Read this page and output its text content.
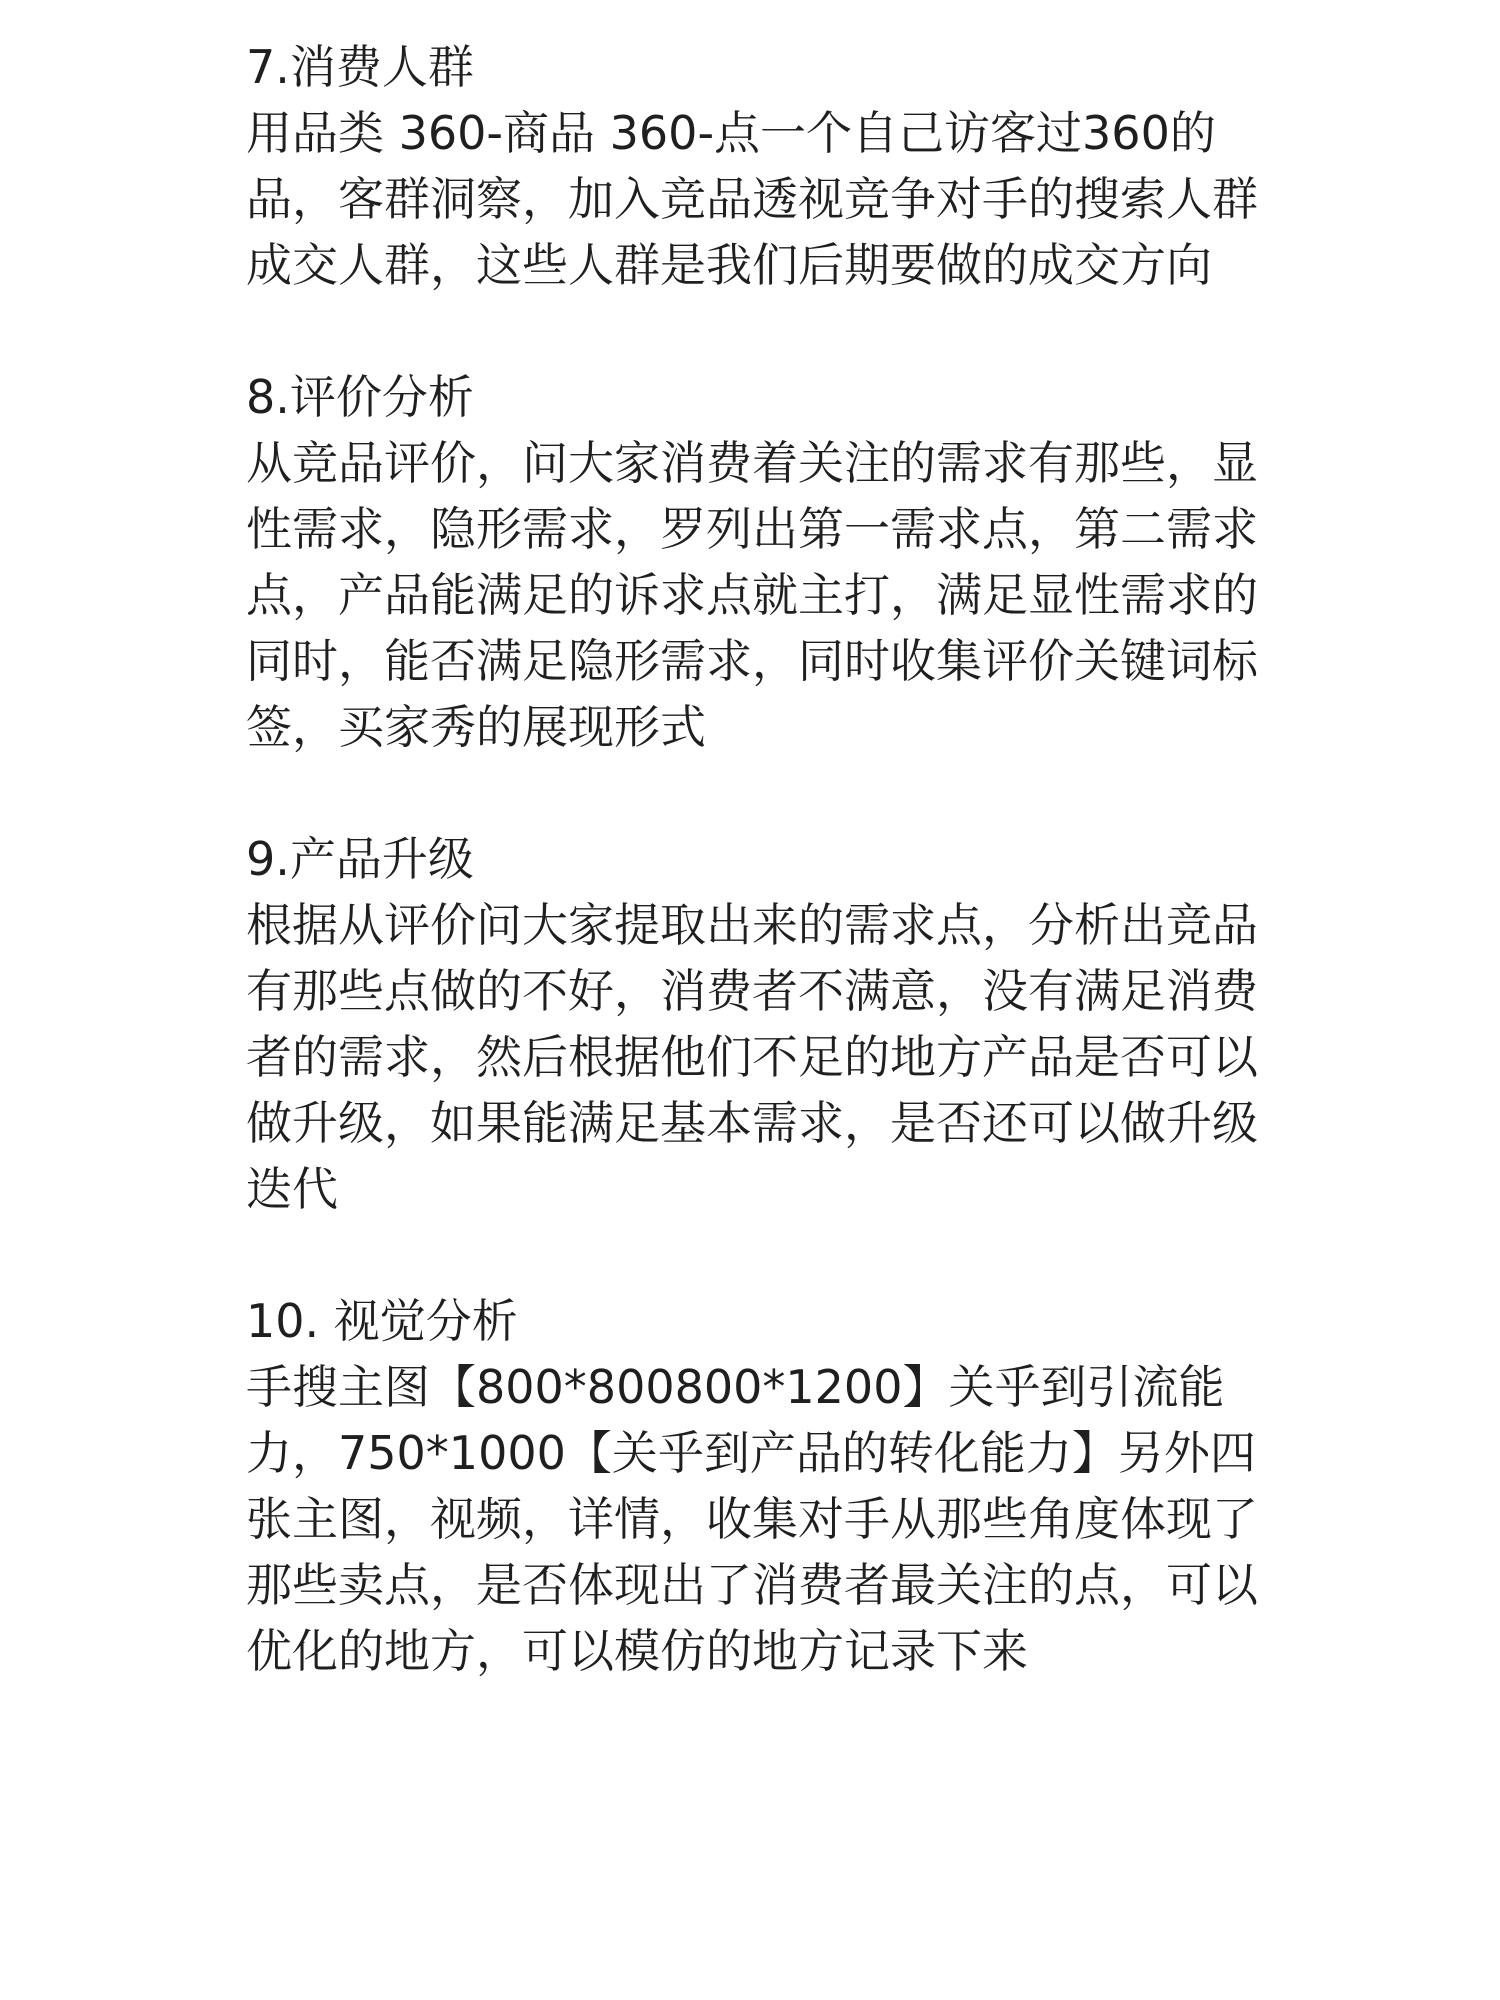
7.消费人群
用品类 360-商品 360-点一个自己访客过360的
品，客群洞察，加入竞品透视竞争对手的搜索人群
成交人群，这些人群是我们后期要做的成交方向
8.评价分析
从竞品评价，问大家消费着关注的需求有那些，显
性需求，隐形需求，罗列出第一需求点，第二需求
点，产品能满足的诉求点就主打，满足显性需求的
同时，能否满足隐形需求，同时收集评价关键词标
签，买家秀的展现形式
9.产品升级
根据从评价问大家提取出来的需求点，分析出竞品
有那些点做的不好，消费者不满意，没有满足消费
者的需求，然后根据他们不足的地方产品是否可以
做升级，如果能满足基本需求，是否还可以做升级
迭代
10. 视觉分析
手搜主图【800*800800*1200】关乎到引流能
力，750*1000【关乎到产品的转化能力】另外四
张主图，视频，详情，收集对手从那些角度体现了
那些卖点，是否体现出了消费者最关注的点，可以
优化的地方，可以模仿的地方记录下来
